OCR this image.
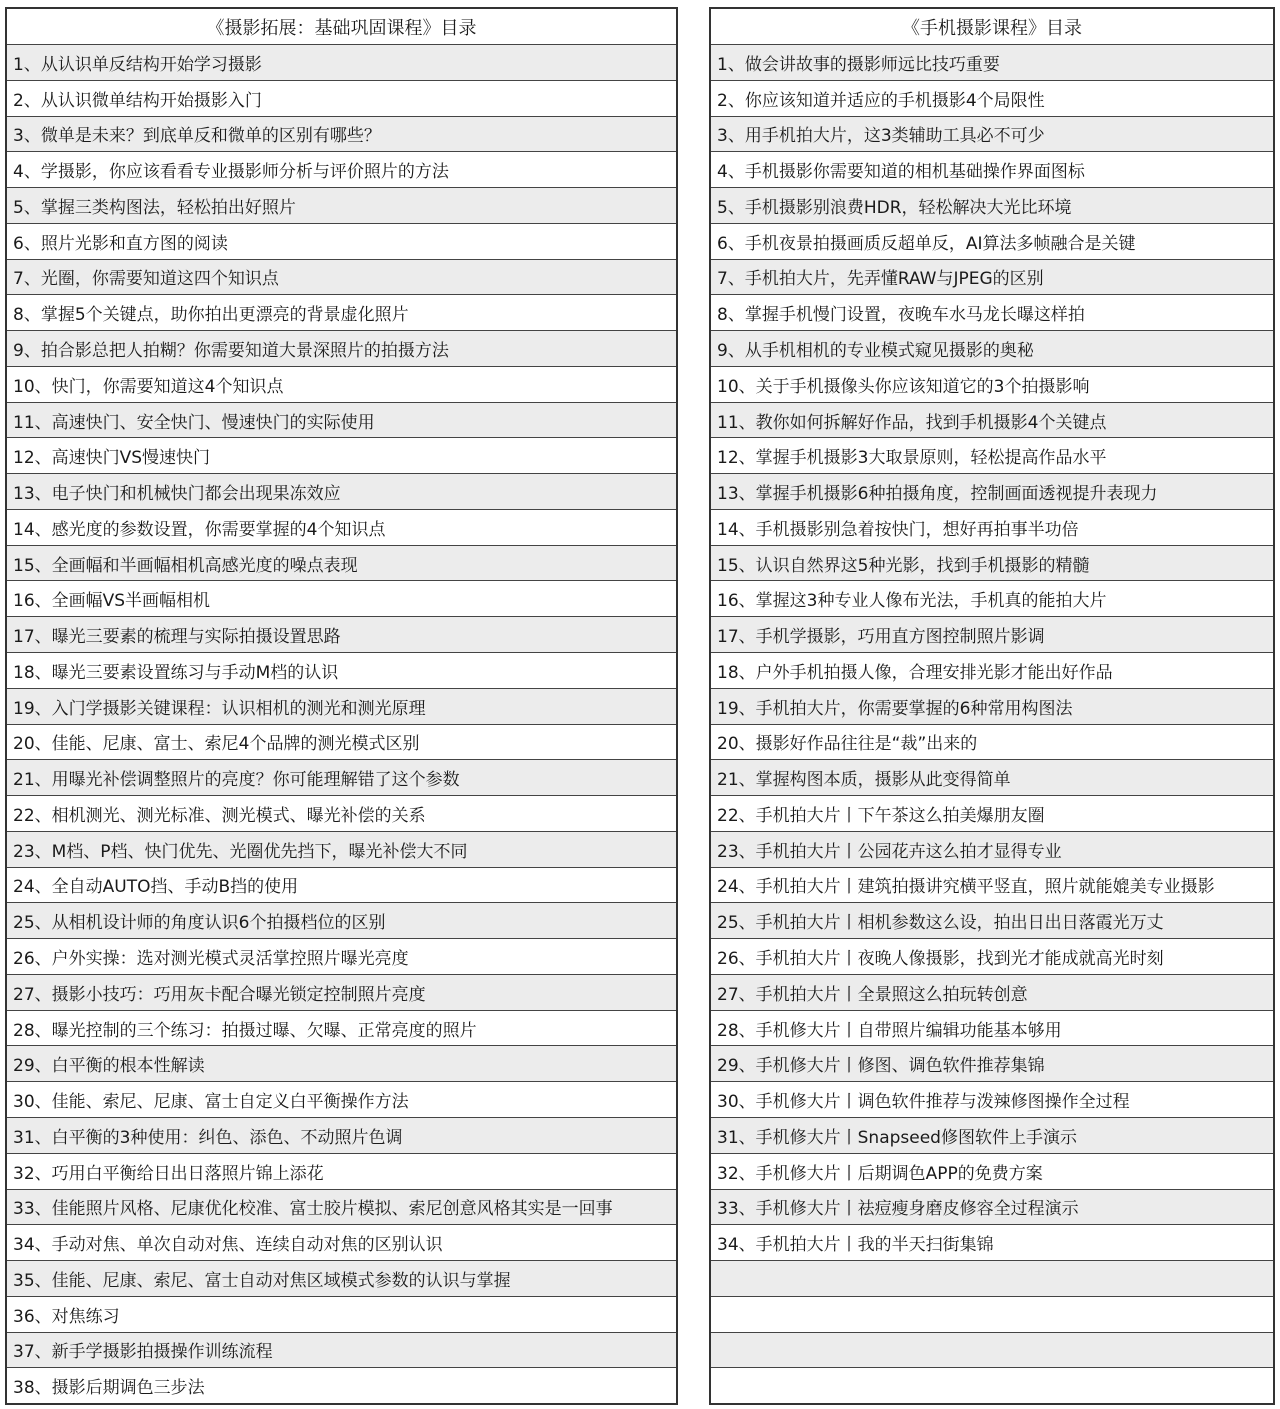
《摄影拓展：基础巩固课程》目录
1、从认识单反结构开始学习摄影
2、从认识微单结构开始摄影入门
3、微单是未来？到底单反和微单的区别有哪些？
4、学摄影，你应该看看专业摄影师分析与评价照片的方法
5、掌握三类构图法，轻松拍出好照片
6、照片光影和直方图的阅读
7、光圈，你需要知道这四个知识点
8、掌握5个关键点，助你拍出更漂亮的背景虚化照片
9、拍合影总把人拍糊？你需要知道大景深照片的拍摄方法
10、快门，你需要知道这4个知识点
11、高速快门、安全快门、慢速快门的实际使用
12、高速快门VS慢速快门
13、电子快门和机械快门都会出现果冻效应
14、感光度的参数设置，你需要掌握的4个知识点
15、全画幅和半画幅相机高感光度的噪点表现
16、全画幅VS半画幅相机
17、曝光三要素的梳理与实际拍摄设置思路
18、曝光三要素设置练习与手动M档的认识
19、入门学摄影关键课程：认识相机的测光和测光原理
20、佳能、尼康、富士、索尼4个品牌的测光模式区别
21、用曝光补偿调整照片的亮度？你可能理解错了这个参数
22、相机测光、测光标准、测光模式、曝光补偿的关系
23、M档、P档、快门优先、光圈优先挡下，曝光补偿大不同
24、全自动AUTO挡、手动B挡的使用
25、从相机设计师的角度认识6个拍摄档位的区别
26、户外实操：选对测光模式灵活掌控照片曝光亮度
27、摄影小技巧：巧用灰卡配合曝光锁定控制照片亮度
28、曝光控制的三个练习：拍摄过曝、欠曝、正常亮度的照片
29、白平衡的根本性解读
30、佳能、索尼、尼康、富士自定义白平衡操作方法
31、白平衡的3种使用：纠色、添色、不动照片色调
32、巧用白平衡给日出日落照片锦上添花
33、佳能照片风格、尼康优化校准、富士胶片模拟、索尼创意风格其实是一回事
34、手动对焦、单次自动对焦、连续自动对焦的区别认识
35、佳能、尼康、索尼、富士自动对焦区域模式参数的认识与掌握
36、对焦练习
37、新手学摄影拍摄操作训练流程
38、摄影后期调色三步法
《手机摄影课程》目录
1、做会讲故事的摄影师远比技巧重要
2、你应该知道并适应的手机摄影4个局限性
3、用手机拍大片，这3类辅助工具必不可少
4、手机摄影你需要知道的相机基础操作界面图标
5、手机摄影别浪费HDR，轻松解决大光比环境
6、手机夜景拍摄画质反超单反，AI算法多帧融合是关键
7、手机拍大片，先弄懂RAW与JPEG的区别
8、掌握手机慢门设置，夜晚车水马龙长曝这样拍
9、从手机相机的专业模式窥见摄影的奥秘
10、关于手机摄像头你应该知道它的3个拍摄影响
11、教你如何拆解好作品，找到手机摄影4个关键点
12、掌握手机摄影3大取景原则，轻松提高作品水平
13、掌握手机摄影6种拍摄角度，控制画面透视提升表现力
14、手机摄影别急着按快门，想好再拍事半功倍
15、认识自然界这5种光影，找到手机摄影的精髓
16、掌握这3种专业人像布光法，手机真的能拍大片
17、手机学摄影，巧用直方图控制照片影调
18、户外手机拍摄人像，合理安排光影才能出好作品
19、手机拍大片，你需要掌握的6种常用构图法
20、摄影好作品往往是“裁”出来的
21、掌握构图本质，摄影从此变得简单
22、手机拍大片丨下午茶这么拍美爆朋友圈
23、手机拍大片丨公园花卉这么拍才显得专业
24、手机拍大片丨建筑拍摄讲究横平竖直，照片就能媲美专业摄影
25、手机拍大片丨相机参数这么设，拍出日出日落霞光万丈
26、手机拍大片丨夜晚人像摄影，找到光才能成就高光时刻
27、手机拍大片丨全景照这么拍玩转创意
28、手机修大片丨自带照片编辑功能基本够用
29、手机修大片丨修图、调色软件推荐集锦
30、手机修大片丨调色软件推荐与泼辣修图操作全过程
31、手机修大片丨Snapseed修图软件上手演示
32、手机修大片丨后期调色APP的免费方案
33、手机修大片丨祛痘瘦身磨皮修容全过程演示
34、手机拍大片丨我的半天扫街集锦
